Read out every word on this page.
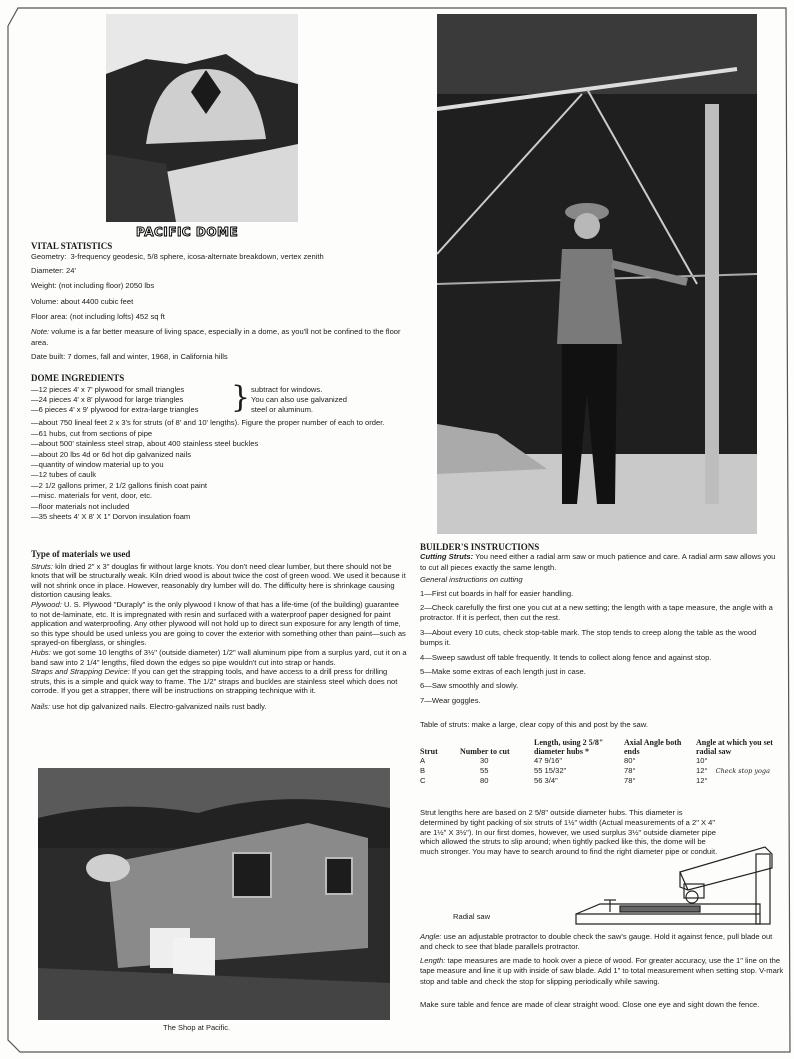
PACIFIC DOME
The Shop at Pacific.
VITAL STATISTICS
Geometry: 3-frequency geodesic, 5/8 sphere, icosa-alternate breakdown, vertex zenith
Diameter: 24'
Weight: (not including floor) 2050 lbs
Volume: about 4400 cubic feet
Floor area: (not including lofts) 452 sq ft
Note: volume is a far better measure of living space, especially in a dome, as you'll not be confined to the floor area.
Date built: 7 domes, fall and winter, 1968, in California hills
DOME INGREDIENTS
—12 pieces 4' x 7' plywood for small triangles
—24 pieces 4' x 8' plywood for large triangles
—6 pieces 4' x 9' plywood for extra-large triangles } subtract for windows.
You can also use galvanized
steel or aluminum.
—about 750 lineal feet 2 x 3's for struts (of 8' and 10' lengths). Figure the proper number of each to order.
—61 hubs, cut from sections of pipe
—about 500' stainless steel strap, about 400 stainless steel buckles
—about 20 lbs 4d or 6d hot dip galvanized nails
—quantity of window material up to you
—12 tubes of caulk
—2 1/2 gallons primer, 2 1/2 gallons finish coat paint
—misc. materials for vent, door, etc.
—floor materials not included
—35 sheets 4' X 8' X 1" Dorvon insulation foam
Type of materials we used
Struts: kiln dried 2" x 3" douglas fir without large knots. You don't need clear lumber, but there should not be knots that will be structurally weak. Kiln dried wood is about twice the cost of green wood. We used it because it will not shrink once in place. However, reasonably dry lumber will do. The difficulty here is shrinkage causing distortion causing leaks.
Plywood: U. S. Plywood "Duraply" is the only plywood I know of that has a life-time (of the building) guarantee to not de-laminate, etc. It is impregnated with resin and surfaced with a waterproof paper designed for paint application and waterproofing. Any other plywood will not hold up to direct sun exposure for any length of time, so this type should be used unless you are going to cover the exterior with something other than paint—such as sprayed-on fiberglass, or shingles.
Hubs: we got some 10 lengths of 3½" (outside diameter) 1/2" wall aluminum pipe from a surplus yard, cut it on a band saw into 2 1/4" lengths, filed down the edges so pipe wouldn't cut into strap or hands.
Straps and Strapping Device: If you can get the strapping tools, and have access to a drill press for drilling struts, this is a simple and quick way to frame. The 1/2" straps and buckles are stainless steel which does not corrode. If you get a strapper, there will be instructions on strapping technique with it.
Nails: use hot dip galvanized nails. Electro-galvanized nails rust badly.
BUILDER'S INSTRUCTIONS
Cutting Struts: You need either a radial arm saw or much patience and care. A radial arm saw allows you to cut all pieces exactly the same length.
General instructions on cutting
1—First cut boards in half for easier handling.
2—Check carefully the first one you cut at a new setting; the length with a tape measure, the angle with a protractor. If it is perfect, then cut the rest.
3—About every 10 cuts, check stop-table mark. The stop tends to creep along the table as the wood bumps it.
4—Sweep sawdust off table frequently. It tends to collect along fence and against stop.
5—Make some extras of each length just in case.
6—Saw smoothly and slowly.
7—Wear goggles.
Table of struts: make a large, clear copy of this and post by the saw.
Strut	Number to cut	Length, using 2 5/8" diameter hubs *	Axial Angle both ends	Angle at which you set radial saw
A	30	47 9/16"	80°	10°
B	55	55 15/32"	78°	12° Check stop yoga
C	80	56 3/4"	78°	12°
Strut lengths here are based on 2 5/8" outside diameter hubs. This diameter is determined by tight packing of six struts of 1½" width (Actual measurements of a 2" X 4" are 1½" X 3½"). In our first domes, however, we used surplus 3½" outside diameter pipe which allowed the struts to slip around; when tightly packed like this, the dome will be much stronger. You may have to search around to find the right diameter pipe or conduit.
Radial saw
Angle: use an adjustable protractor to double check the saw's gauge. Hold it against fence, pull blade out and check to see that blade parallels protractor.
Length: tape measures are made to hook over a piece of wood. For greater accuracy, use the 1" line on the tape measure and line it up with inside of saw blade. Add 1" to total measurement when setting stop. V-mark stop and table and check the stop for slipping periodically while sawing.
Make sure table and fence are made of clear straight wood. Close one eye and sight down the fence.
